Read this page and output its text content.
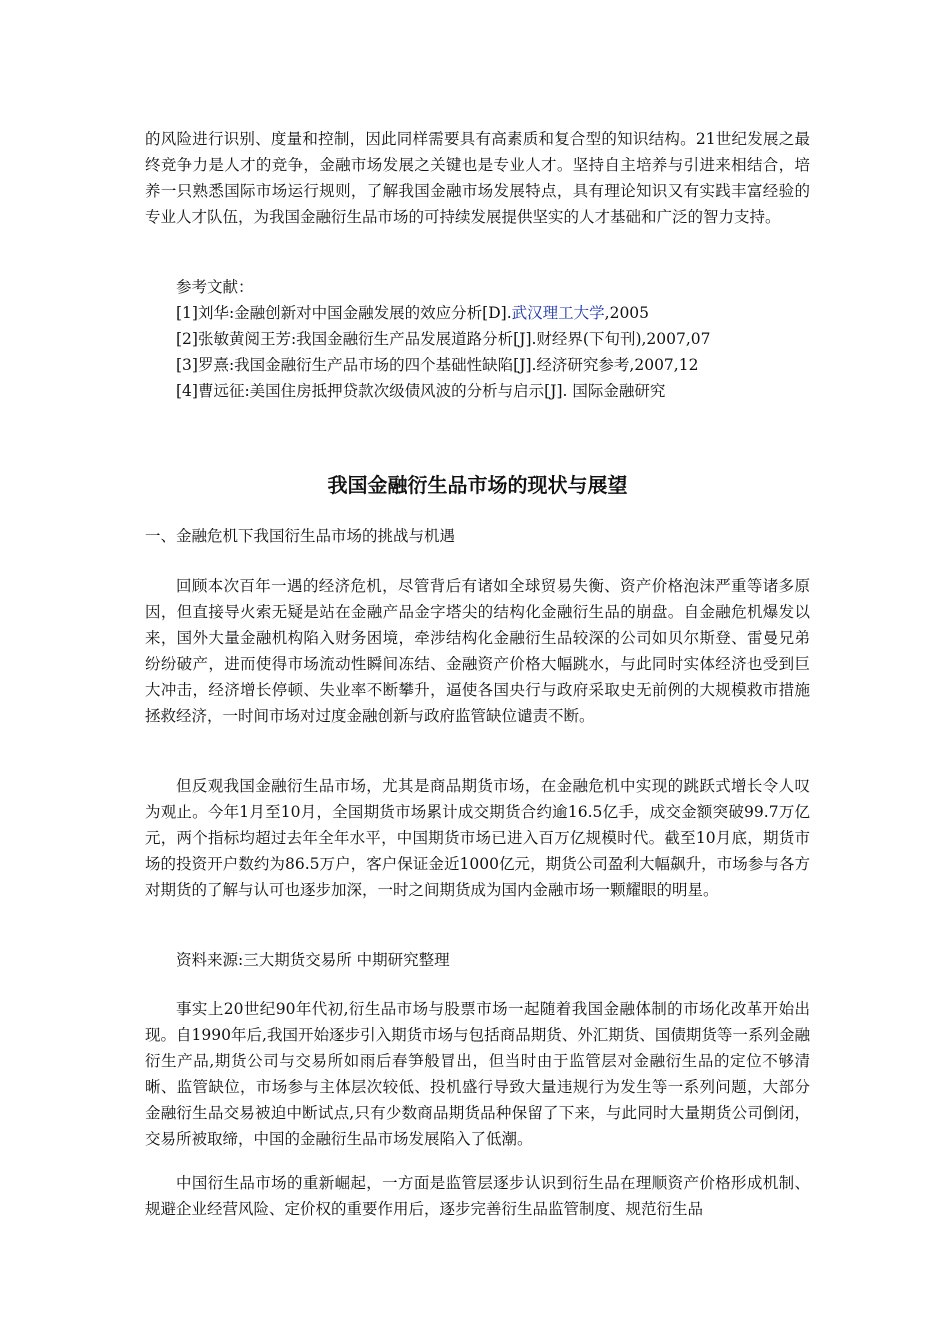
的风险进行识别、度量和控制，因此同样需要具有高素质和复合型的知识结构。21世纪发展之最终竞争力是人才的竞争，金融市场发展之关键也是专业人才。坚持自主培养与引进来相结合，培养一只熟悉国际市场运行规则，了解我国金融市场发展特点，具有理论知识又有实践丰富经验的专业人才队伍，为我国金融衍生品市场的可持续发展提供坚实的人才基础和广泛的智力支持。

参考文献：
[1]刘华:金融创新对中国金融发展的效应分析[D].武汉理工大学,2005
[2]张敏黄阅王芳:我国金融衍生产品发展道路分析[J].财经界(下旬刊),2007,07
[3]罗熹:我国金融衍生产品市场的四个基础性缺陷[J].经济研究参考,2007,12
[4]曹远征:美国住房抵押贷款次级债风波的分析与启示[J]. 国际金融研究
我国金融衍生品市场的现状与展望

一、金融危机下我国衍生品市场的挑战与机遇

回顾本次百年一遇的经济危机，尽管背后有诸如全球贸易失衡、资产价格泡沫严重等诸多原因，但直接导火索无疑是站在金融产品金字塔尖的结构化金融衍生品的崩盘。自金融危机爆发以来，国外大量金融机构陷入财务困境，牵涉结构化金融衍生品较深的公司如贝尔斯登、雷曼兄弟纷纷破产，进而使得市场流动性瞬间冻结、金融资产价格大幅跳水，与此同时实体经济也受到巨大冲击，经济增长停顿、失业率不断攀升，逼使各国央行与政府采取史无前例的大规模救市措施拯救经济，一时间市场对过度金融创新与政府监管缺位谴责不断。

但反观我国金融衍生品市场，尤其是商品期货市场，在金融危机中实现的跳跃式增长令人叹为观止。今年1月至10月，全国期货市场累计成交期货合约逾16.5亿手，成交金额突破99.7万亿元，两个指标均超过去年全年水平，中国期货市场已进入百万亿规模时代。截至10月底，期货市场的投资开户数约为86.5万户，客户保证金近1000亿元，期货公司盈利大幅飙升，市场参与各方对期货的了解与认可也逐步加深，一时之间期货成为国内金融市场一颗耀眼的明星。

资料来源:三大期货交易所 中期研究整理

事实上20世纪90年代初,衍生品市场与股票市场一起随着我国金融体制的市场化改革开始出现。自1990年后,我国开始逐步引入期货市场与包括商品期货、外汇期货、国债期货等一系列金融衍生产品,期货公司与交易所如雨后春笋般冒出，但当时由于监管层对金融衍生品的定位不够清晰、监管缺位，市场参与主体层次较低、投机盛行导致大量违规行为发生等一系列问题，大部分金融衍生品交易被迫中断试点,只有少数商品期货品种保留了下来，与此同时大量期货公司倒闭，交易所被取缔，中国的金融衍生品市场发展陷入了低潮。

中国衍生品市场的重新崛起，一方面是监管层逐步认识到衍生品在理顺资产价格形成机制、规避企业经营风险、定价权的重要作用后，逐步完善衍生品监管制度、规范衍生品
